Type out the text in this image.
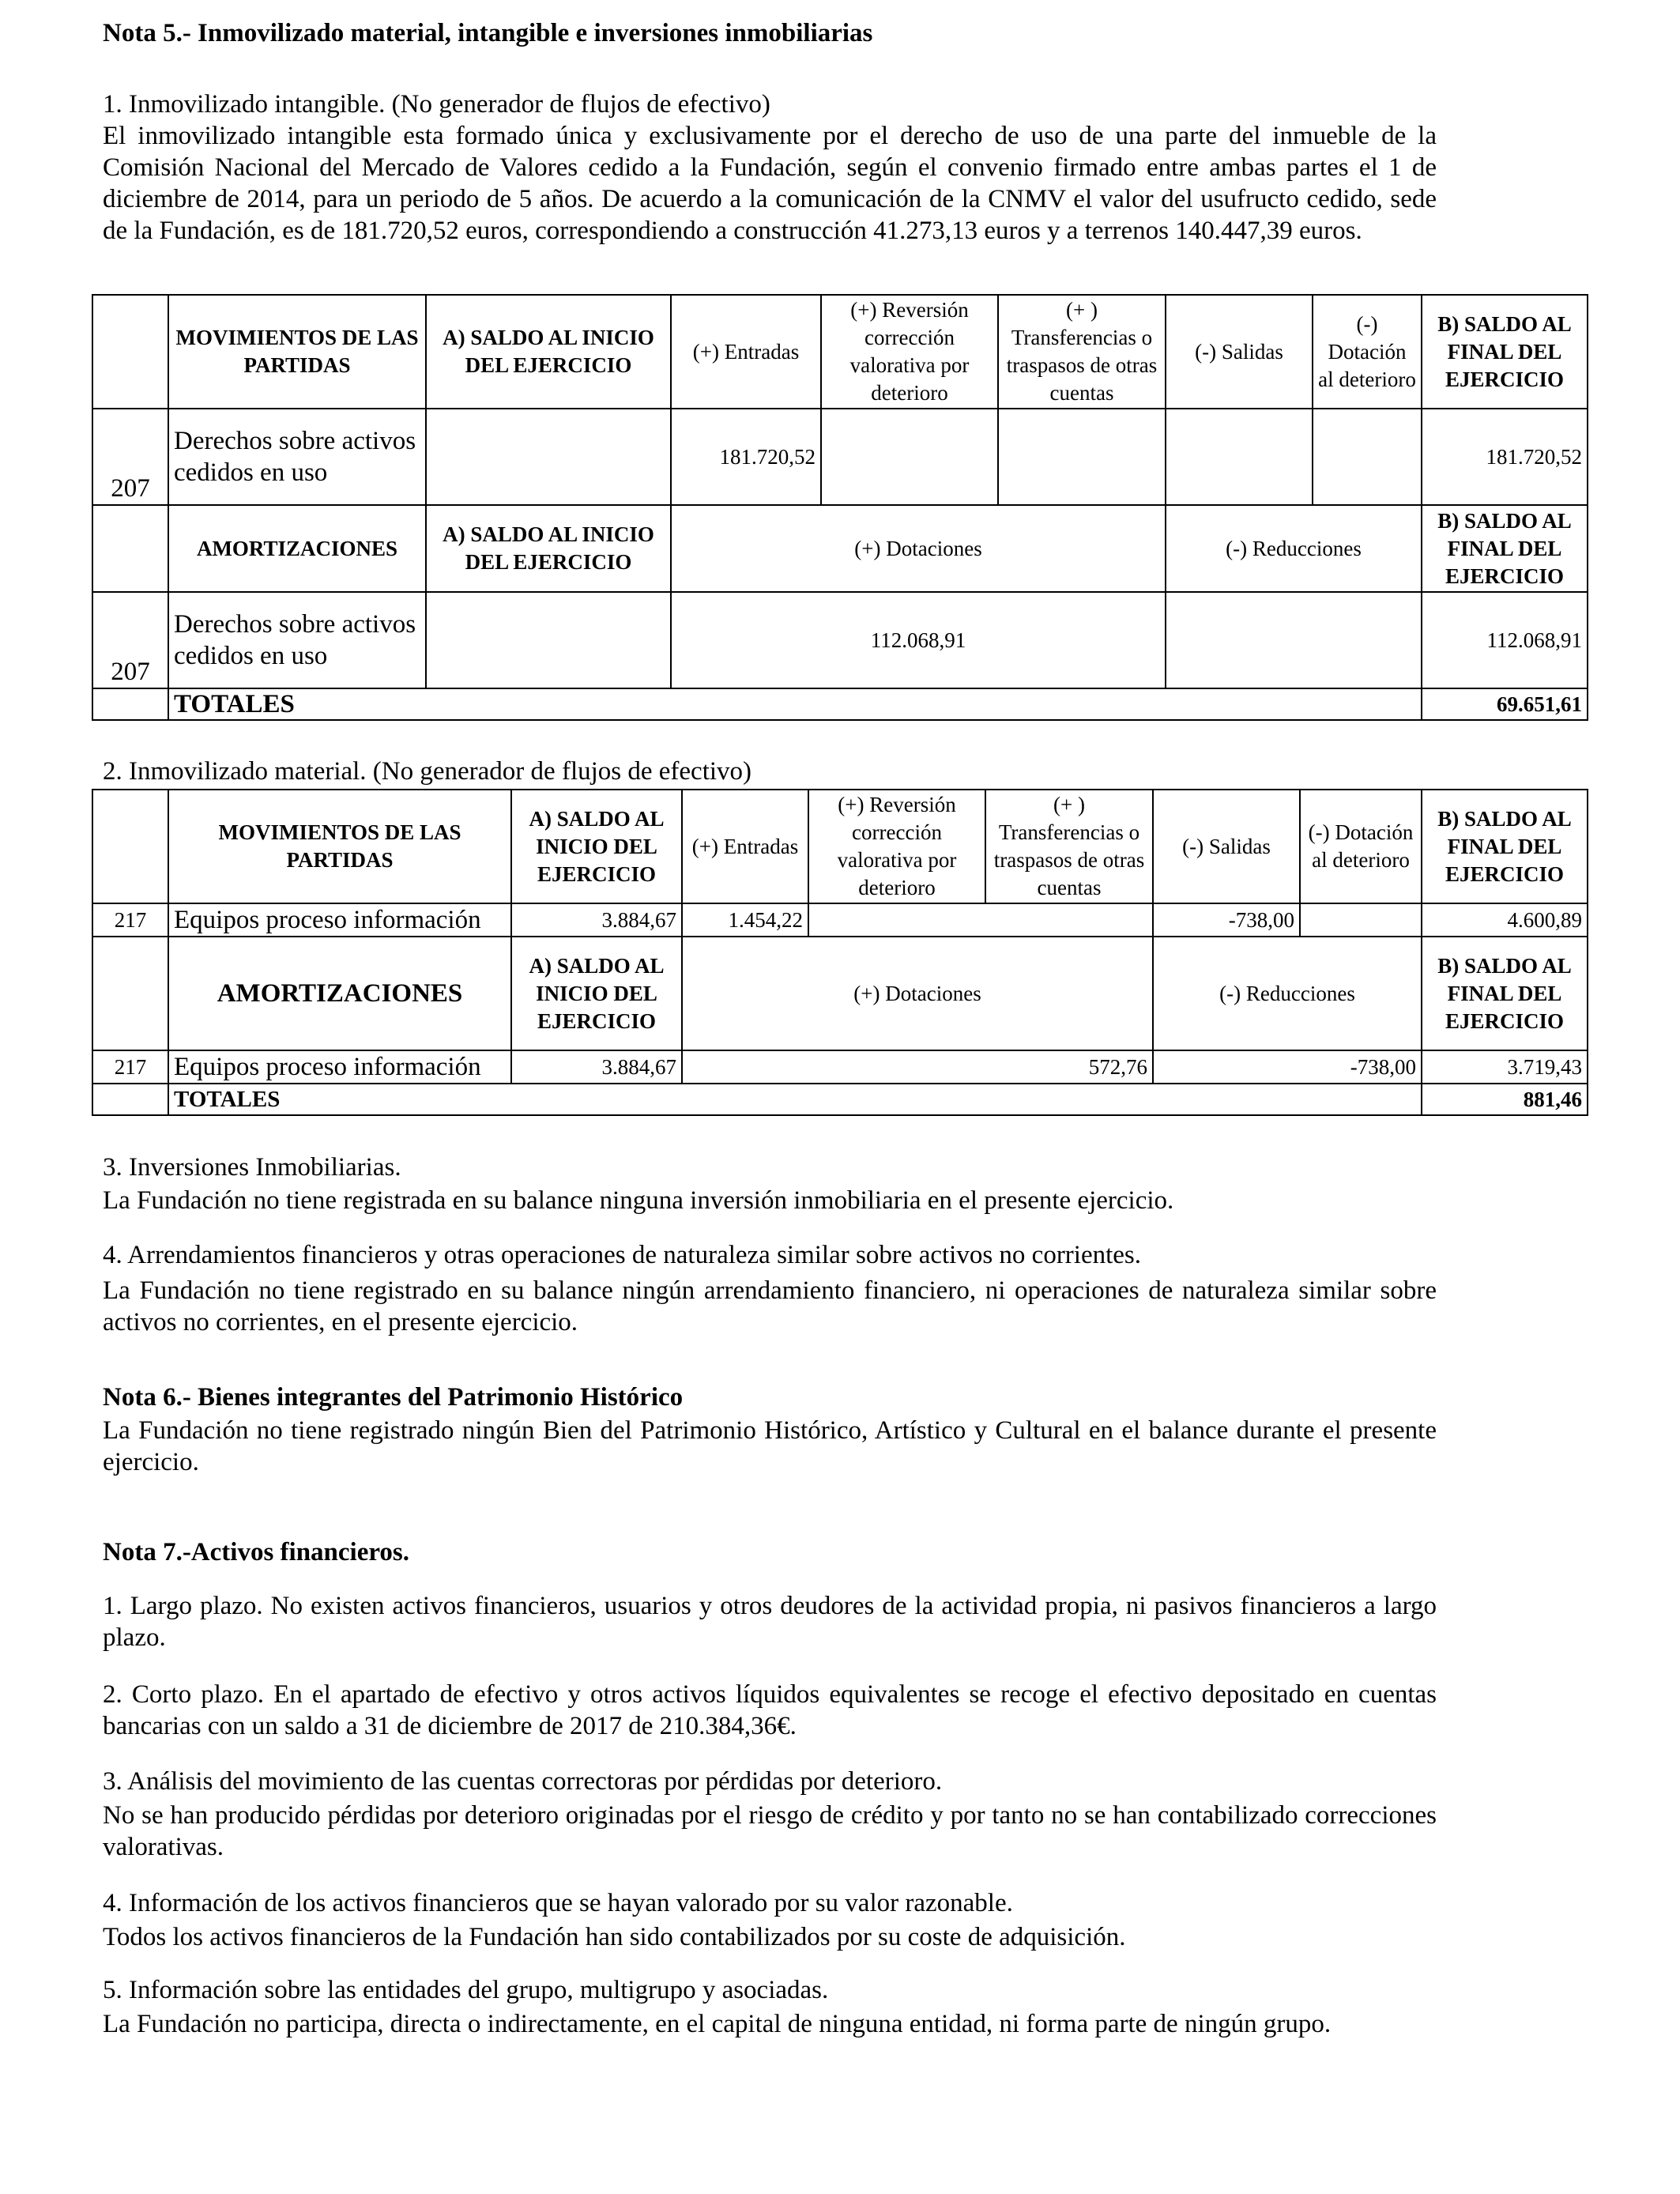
Nota 5.- Inmovilizado material, intangible e inversiones inmobiliarias

1. Inmovilizado intangible. (No generador de flujos de efectivo)

El inmovilizado intangible esta formado única y exclusivamente por el derecho de uso de una parte del inmueble de la Comisión Nacional del Mercado de Valores cedido a la Fundación, según el convenio firmado entre ambas partes el 1 de diciembre de 2014, para un periodo de 5 años. De acuerdo a la comunicación de la CNMV el valor del usufructo cedido, sede de la Fundación, es de 181.720,52 euros, correspondiendo a construcción 41.273,13 euros y a terrenos 140.447,39 euros.

	MOVIMIENTOS DE LAS PARTIDAS	A) SALDO AL INICIO DEL EJERCICIO	(+) Entradas	(+) Reversión corrección valorativa por deterioro	(+ ) Transferencias o traspasos de otras cuentas	(-) Salidas	(-) Dotación al deterioro	B) SALDO AL FINAL DEL EJERCICIO
207	Derechos sobre activos cedidos en uso		181.720,52					181.720,52
	AMORTIZACIONES	A) SALDO AL INICIO DEL EJERCICIO	(+) Dotaciones			(-) Reducciones		B) SALDO AL FINAL DEL EJERCICIO
207	Derechos sobre activos cedidos en uso		112.068,91					112.068,91
	TOTALES							69.651,61

2. Inmovilizado material. (No generador de flujos de efectivo)

	MOVIMIENTOS DE LAS PARTIDAS	A) SALDO AL INICIO DEL EJERCICIO	(+) Entradas	(+) Reversión corrección valorativa por deterioro	(+ ) Transferencias o traspasos de otras cuentas	(-) Salidas	(-) Dotación al deterioro	B) SALDO AL FINAL DEL EJERCICIO
217	Equipos proceso información	3.884,67	1.454,22			-738,00		4.600,89
	AMORTIZACIONES	A) SALDO AL INICIO DEL EJERCICIO	(+) Dotaciones			(-) Reducciones		B) SALDO AL FINAL DEL EJERCICIO
217	Equipos proceso información	3.884,67	572,76			-738,00		3.719,43
	TOTALES							881,46

3. Inversiones Inmobiliarias.

La Fundación no tiene registrada en su balance ninguna inversión inmobiliaria en el presente ejercicio.

4. Arrendamientos financieros y otras operaciones de naturaleza similar sobre activos no corrientes.

La Fundación no tiene registrado en su balance ningún arrendamiento financiero, ni operaciones de naturaleza similar sobre activos no corrientes, en el presente ejercicio.

Nota 6.- Bienes integrantes del Patrimonio Histórico

La Fundación no tiene registrado ningún Bien del Patrimonio Histórico, Artístico y Cultural en el balance durante el presente ejercicio.

Nota 7.-Activos financieros.

1. Largo plazo. No existen activos financieros, usuarios y otros deudores de la actividad propia, ni pasivos financieros a largo plazo.

2. Corto plazo. En el apartado de efectivo y otros activos líquidos equivalentes se recoge el efectivo depositado en cuentas bancarias con un saldo a 31 de diciembre de 2017 de 210.384,36€.

3. Análisis del movimiento de las cuentas correctoras por pérdidas por deterioro.

No se han producido pérdidas por deterioro originadas por el riesgo de crédito y por tanto no se han contabilizado correcciones valorativas.

4. Información de los activos financieros que se hayan valorado por su valor razonable.

Todos los activos financieros de la Fundación han sido contabilizados por su coste de adquisición.

5. Información sobre las entidades del grupo, multigrupo y asociadas.

La Fundación no participa, directa o indirectamente, en el capital de ninguna entidad, ni forma parte de ningún grupo.
